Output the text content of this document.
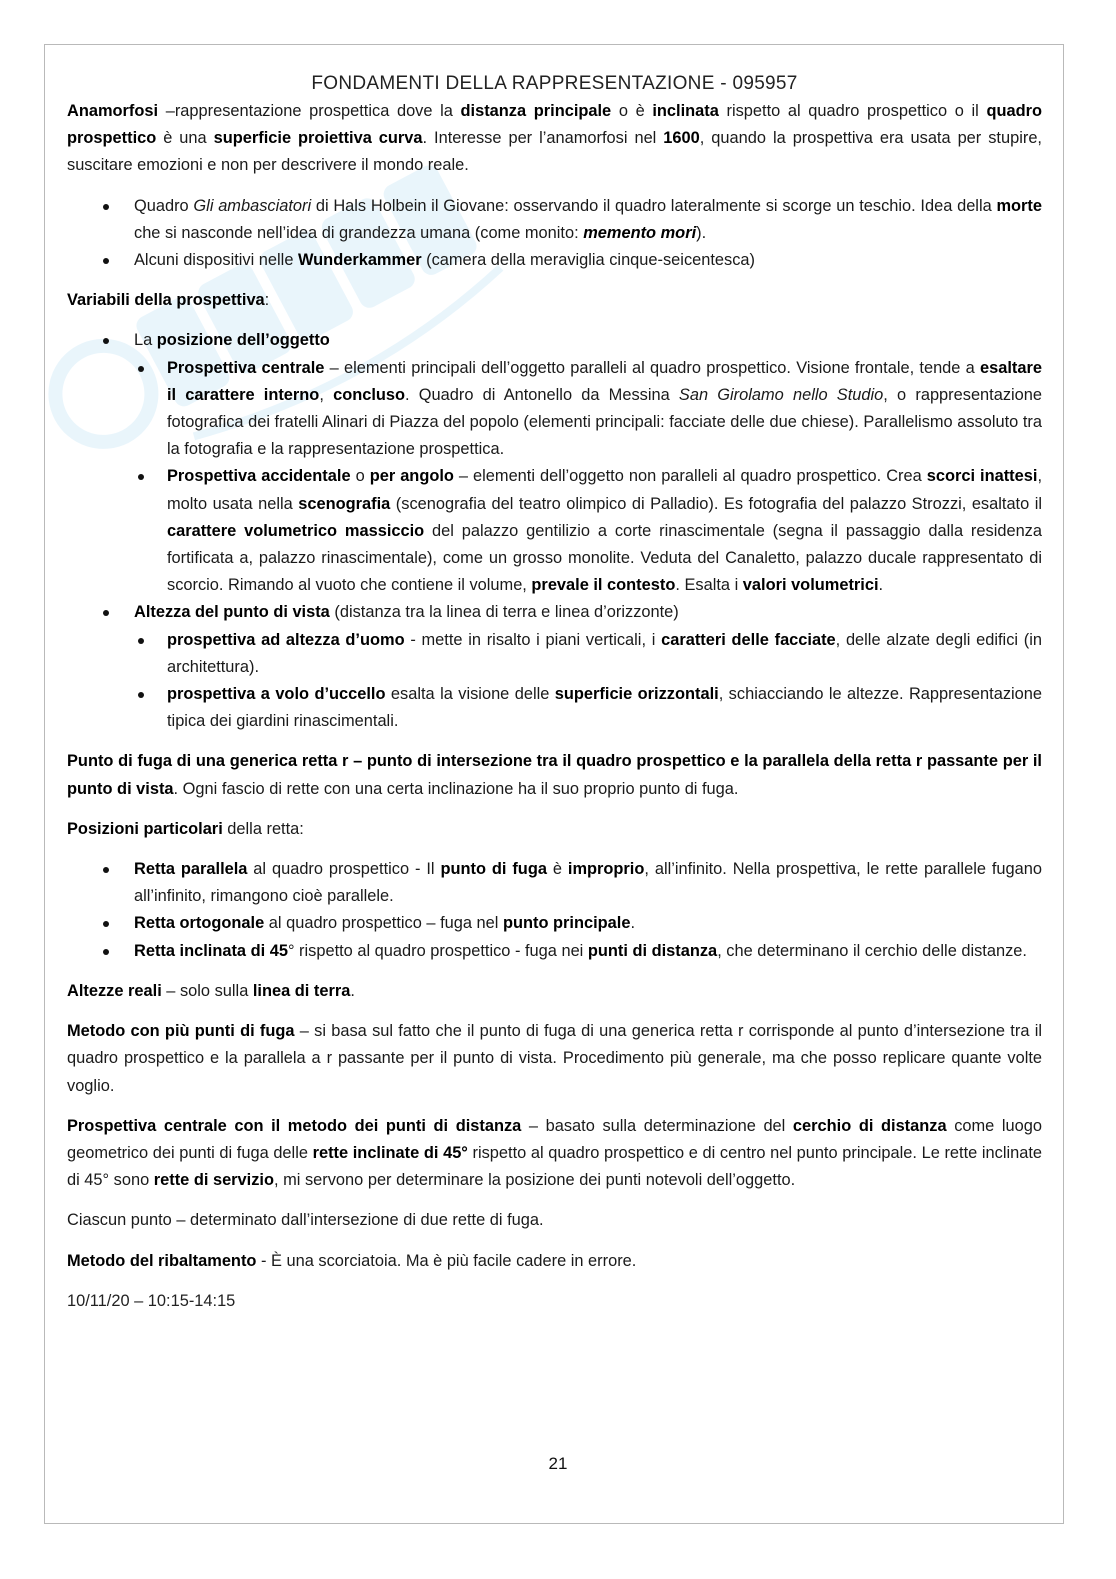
FONDAMENTI DELLA RAPPRESENTAZIONE - 095957

Anamorfosi –rappresentazione prospettica dove la distanza principale o è inclinata rispetto al quadro prospettico o il quadro prospettico è una superficie proiettiva curva. Interesse per l’anamorfosi nel 1600, quando la prospettiva era usata per stupire, suscitare emozioni e non per descrivere il mondo reale.

Quadro Gli ambasciatori di Hals Holbein il Giovane: osservando il quadro lateralmente si scorge un teschio. Idea della morte che si nasconde nell’idea di grandezza umana (come monito: memento mori).

Alcuni dispositivi nelle Wunderkammer (camera della meraviglia cinque-seicentesca)

Variabili della prospettiva:

La posizione dell’oggetto

Prospettiva centrale – elementi principali dell’oggetto paralleli al quadro prospettico. Visione frontale, tende a esaltare il carattere interno, concluso. Quadro di Antonello da Messina San Girolamo nello Studio, o rappresentazione fotografica dei fratelli Alinari di Piazza del popolo (elementi principali: facciate delle due chiese). Parallelismo assoluto tra la fotografia e la rappresentazione prospettica.

Prospettiva accidentale o per angolo – elementi dell’oggetto non paralleli al quadro prospettico. Crea scorci inattesi, molto usata nella scenografia (scenografia del teatro olimpico di Palladio). Es fotografia del palazzo Strozzi, esaltato il carattere volumetrico massiccio del palazzo gentilizio a corte rinascimentale (segna il passaggio dalla residenza fortificata a, palazzo rinascimentale), come un grosso monolite. Veduta del Canaletto, palazzo ducale rappresentato di scorcio. Rimando al vuoto che contiene il volume, prevale il contesto. Esalta i valori volumetrici.

Altezza del punto di vista (distanza tra la linea di terra e linea d’orizzonte)

prospettiva ad altezza d’uomo - mette in risalto i piani verticali, i caratteri delle facciate, delle alzate degli edifici (in architettura).

prospettiva a volo d’uccello esalta la visione delle superficie orizzontali, schiacciando le altezze. Rappresentazione tipica dei giardini rinascimentali.

Punto di fuga di una generica retta r – punto di intersezione tra il quadro prospettico e la parallela della retta r passante per il punto di vista. Ogni fascio di rette con una certa inclinazione ha il suo proprio punto di fuga.

Posizioni particolari della retta:

Retta parallela al quadro prospettico - Il punto di fuga è improprio, all’infinito. Nella prospettiva, le rette parallele fugano all’infinito, rimangono cioè parallele.

Retta ortogonale al quadro prospettico – fuga nel punto principale.

Retta inclinata di 45° rispetto al quadro prospettico - fuga nei punti di distanza, che determinano il cerchio delle distanze.

Altezze reali – solo sulla linea di terra.

Metodo con più punti di fuga – si basa sul fatto che il punto di fuga di una generica retta r corrisponde al punto d’intersezione tra il quadro prospettico e la parallela a r passante per il punto di vista. Procedimento più generale, ma che posso replicare quante volte voglio.

Prospettiva centrale con il metodo dei punti di distanza – basato sulla determinazione del cerchio di distanza come luogo geometrico dei punti di fuga delle rette inclinate di 45° rispetto al quadro prospettico e di centro nel punto principale. Le rette inclinate di 45° sono rette di servizio, mi servono per determinare la posizione dei punti notevoli dell’oggetto.

Ciascun punto – determinato dall’intersezione di due rette di fuga.

Metodo del ribaltamento - È una scorciatoia. Ma è più facile cadere in errore.

10/11/20 – 10:15-14:15

21
